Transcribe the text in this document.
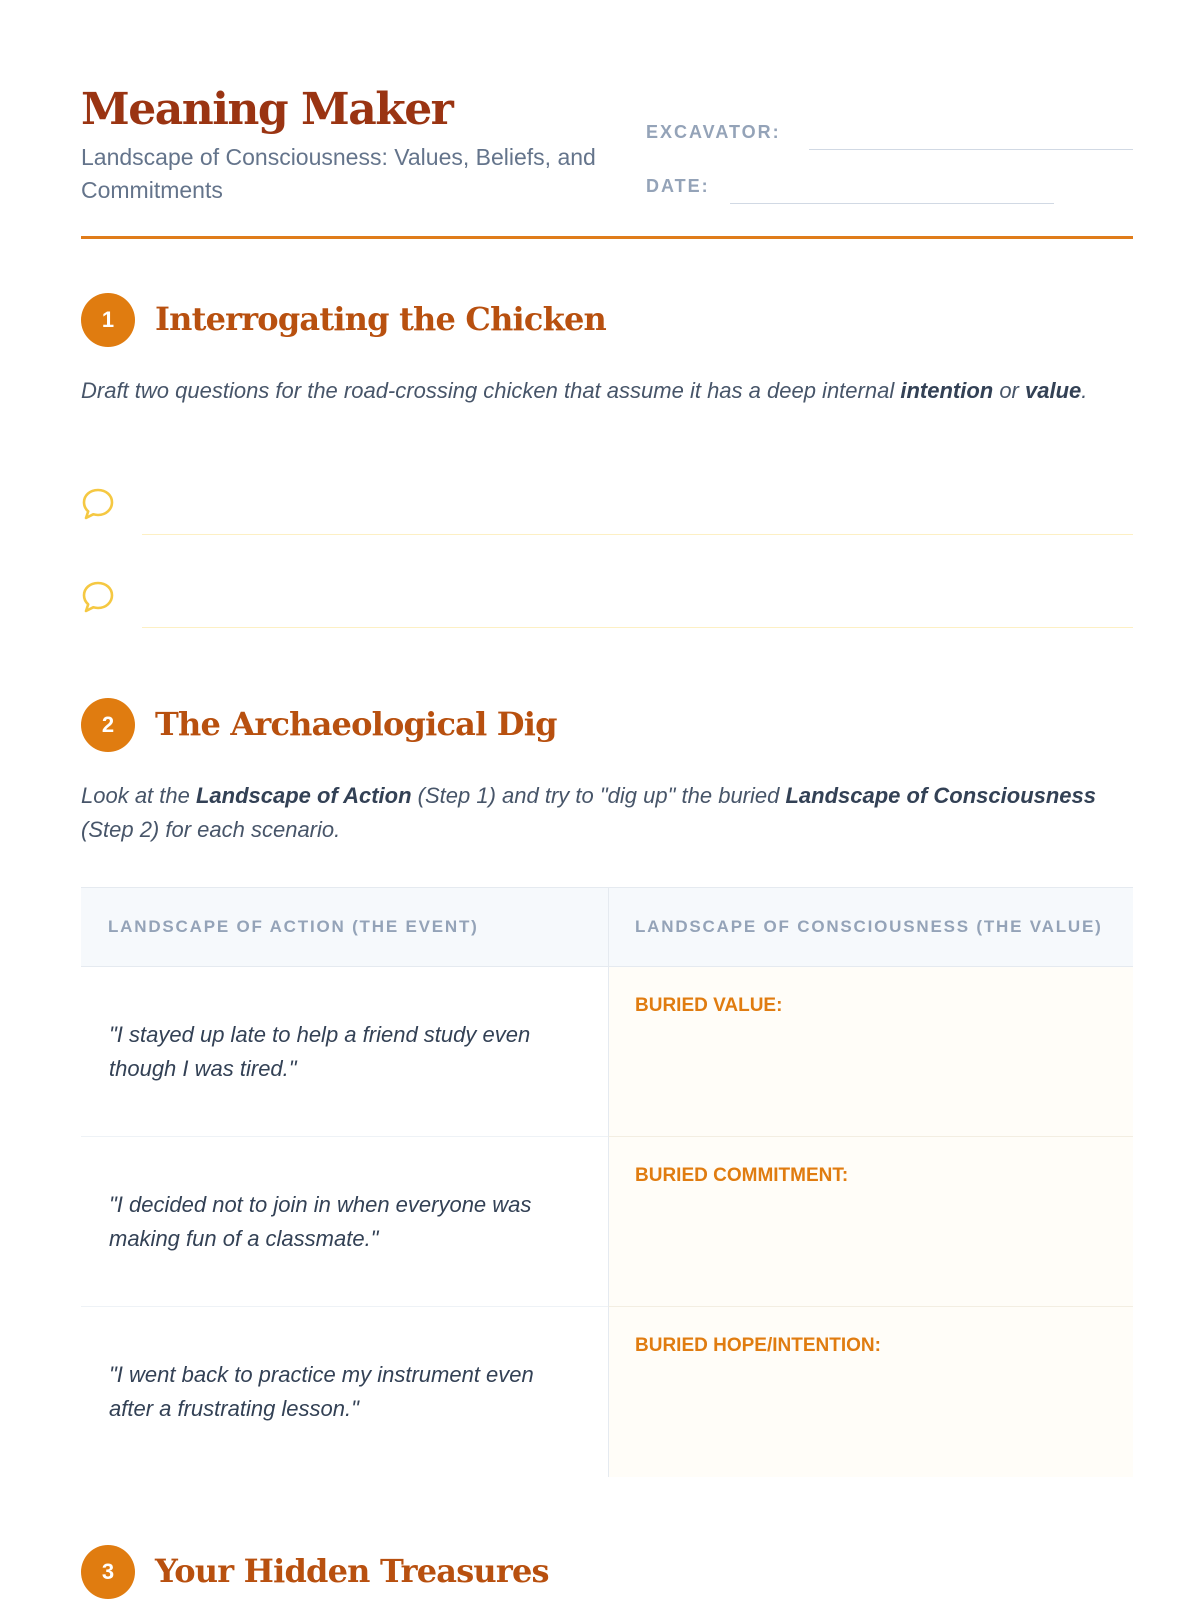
Meaning Maker
Landscape of Consciousness: Values, Beliefs, and Commitments
EXCAVATOR:
DATE:
1	Interrogating the Chicken
Draft two questions for the road-crossing chicken that assume it has a deep internal intention or value.
2	The Archaeological Dig
Look at the Landscape of Action (Step 1) and try to "dig up" the buried Landscape of Consciousness (Step 2) for each scenario.
LANDSCAPE OF ACTION (THE EVENT)	LANDSCAPE OF CONSCIOUSNESS (THE VALUE)
"I stayed up late to help a friend study even though I was tired."
BURIED VALUE:
"I decided not to join in when everyone was making fun of a classmate."
BURIED COMMITMENT:
"I went back to practice my instrument even after a frustrating lesson."
BURIED HOPE/INTENTION:
3	Your Hidden Treasures
